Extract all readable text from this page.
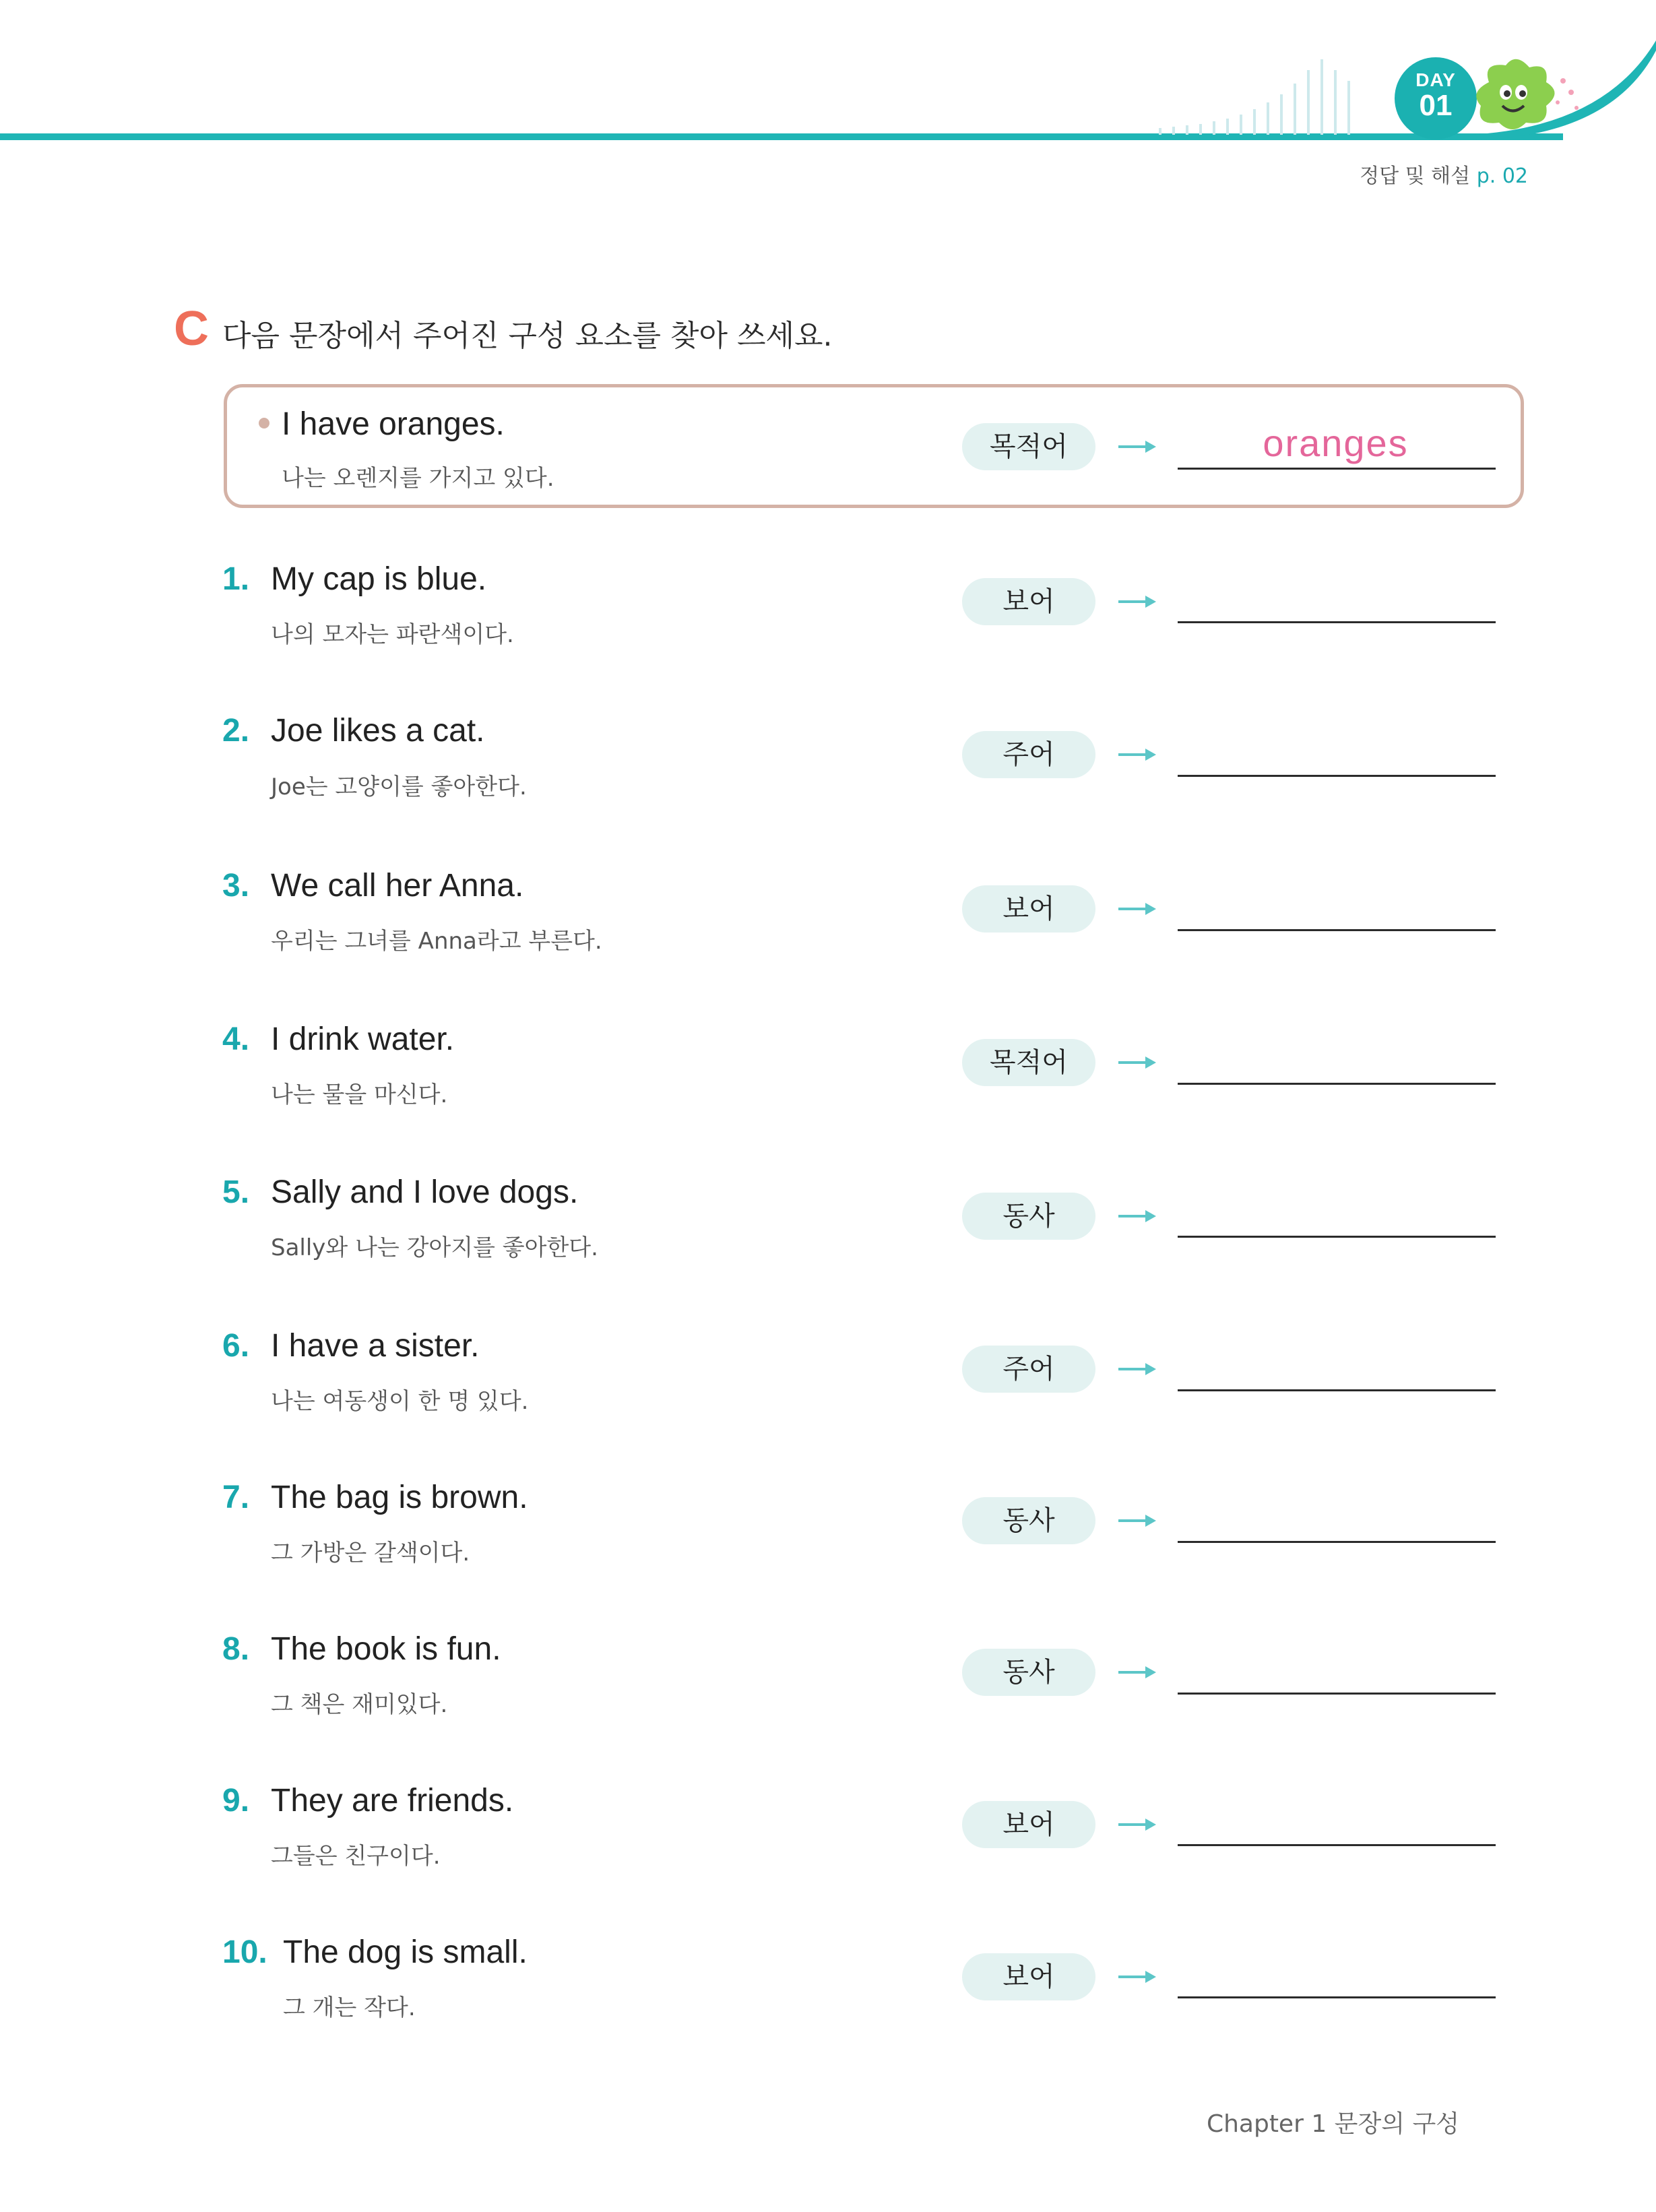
DAY
01
정답 및 해설 p. 02
C 다음 문장에서 주어진 구성 요소를 찾아 쓰세요.
I have oranges.
나는 오렌지를 가지고 있다.
목적어	oranges
1. My cap is blue.
나의 모자는 파란색이다.
보어
2. Joe likes a cat.
Joe는 고양이를 좋아한다.
주어
3. We call her Anna.
우리는 그녀를 Anna라고 부른다.
보어
4. I drink water.
나는 물을 마신다.
목적어
5. Sally and I love dogs.
Sally와 나는 강아지를 좋아한다.
동사
6. I have a sister.
나는 여동생이 한 명 있다.
주어
7. The bag is brown.
그 가방은 갈색이다.
동사
8. The book is fun.
그 책은 재미있다.
동사
9. They are friends.
그들은 친구이다.
보어
10. The dog is small.
그 개는 작다.
보어
Chapter 1 문장의 구성
